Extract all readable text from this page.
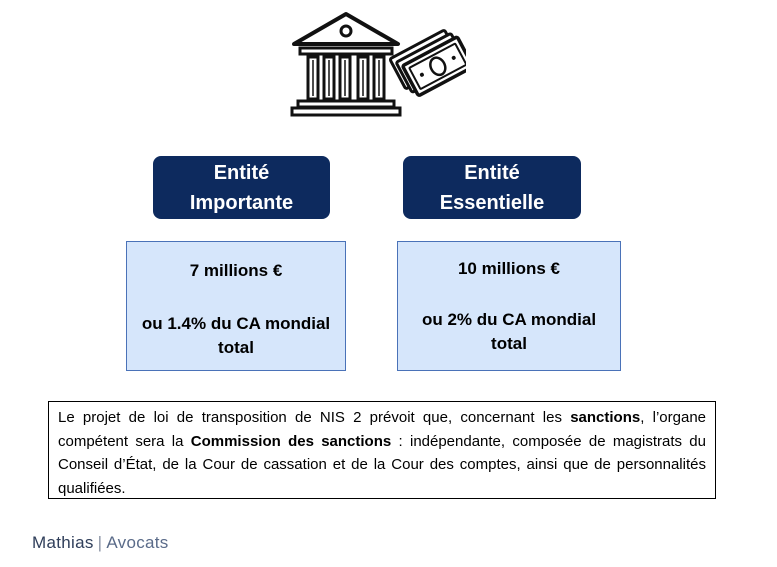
Entité
Importante
7 millions €
ou 1.4% du CA mondial
total
Entité
Essentielle
10 millions €
ou 2% du CA mondial
total
Le projet de loi de transposition de NIS 2 prévoit que, concernant les sanctions, l’organe compétent sera la Commission des sanctions : indépendante, composée de magistrats du Conseil d’État, de la Cour de cassation et de la Cour des comptes, ainsi que de personnalités qualifiées.
Mathias | Avocats
